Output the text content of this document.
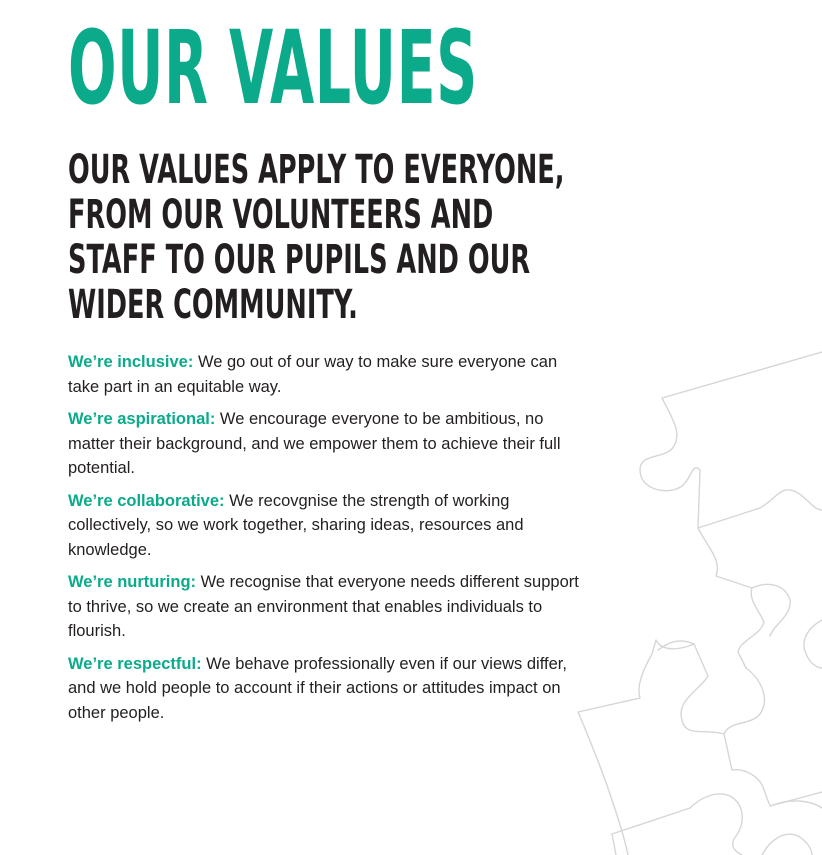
OUR VALUES
OUR VALUES APPLY TO EVERYONE, FROM OUR VOLUNTEERS AND STAFF TO OUR PUPILS AND OUR WIDER COMMUNITY.

We’re inclusive: We go out of our way to make sure everyone can take part in an equitable way.

We’re aspirational: We encourage everyone to be ambitious, no matter their background, and we empower them to achieve their full potential.

We’re collaborative: We recovgnise the strength of working collectively, so we work together, sharing ideas, resources and knowledge.

We’re nurturing: We recognise that everyone needs different support to thrive, so we create an environment that enables individuals to flourish.

We’re respectful: We behave professionally even if our views differ, and we hold people to account if their actions or attitudes impact on other people.
